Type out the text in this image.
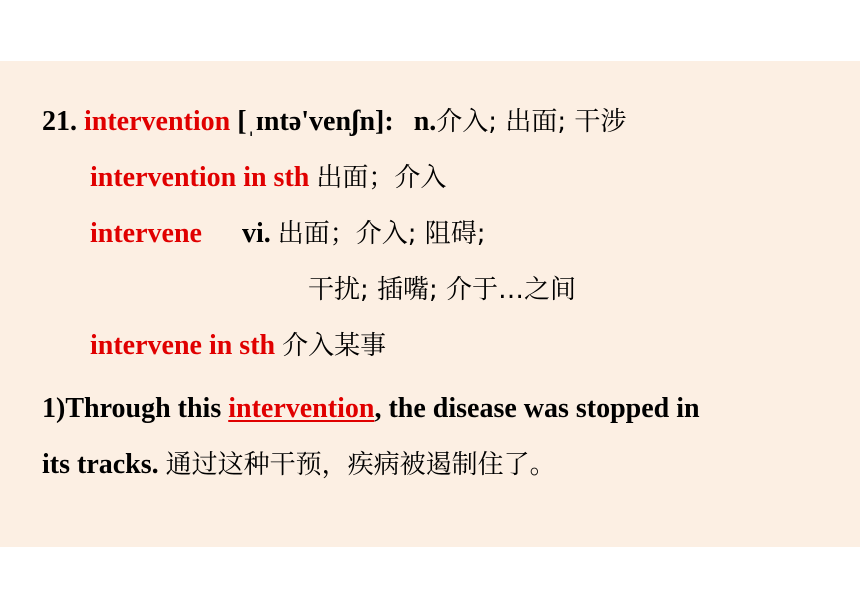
21. intervention [ˌɪntə'venʃn]: n.介入; 出面; 干涉
intervention in sth 出面；介入
intervene vi. 出面；介入; 阻碍;
干扰; 插嘴; 介于…之间
intervene in sth 介入某事
1)Through this intervention, the disease was stopped in
its tracks. 通过这种干预，疾病被遏制住了。
